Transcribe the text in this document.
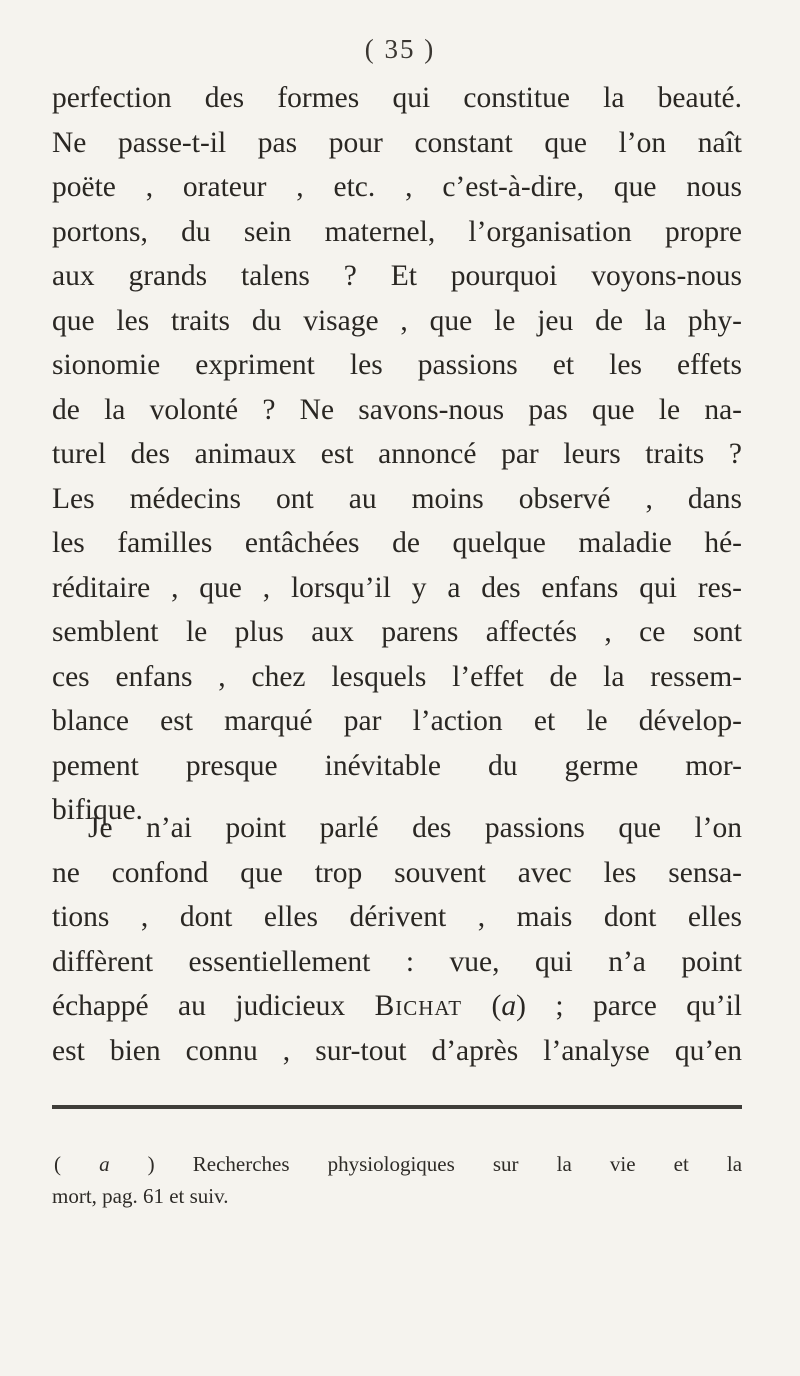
( 35 )
perfection des formes qui constitue la beauté.
Ne passe-t-il pas pour constant que l’on naît
poëte , orateur , etc. , c’est-à-dire, que nous
portons, du sein maternel, l’organisation propre
aux grands talens ? Et pourquoi voyons-nous
que les traits du visage , que le jeu de la phy-
sionomie expriment les passions et les effets
de la volonté ? Ne savons-nous pas que le na-
turel des animaux est annoncé par leurs traits ?
Les médecins ont au moins observé , dans
les familles entâchées de quelque maladie hé-
réditaire , que , lorsqu’il y a des enfans qui res-
semblent le plus aux parens affectés , ce sont
ces enfans , chez lesquels l’effet de la ressem-
blance est marqué par l’action et le dévelop-
pement presque inévitable du germe mor-
bifique.
Je n’ai point parlé des passions que l’on
ne confond que trop souvent avec les sensa-
tions , dont elles dérivent , mais dont elles
diffèrent essentiellement : vue, qui n’a point
échappé au judicieux Bichat (a) ; parce qu’il
est bien connu , sur-tout d’après l’analyse qu’en
( a ) Recherches physiologiques sur la vie et la
mort, pag. 61 et suiv.
